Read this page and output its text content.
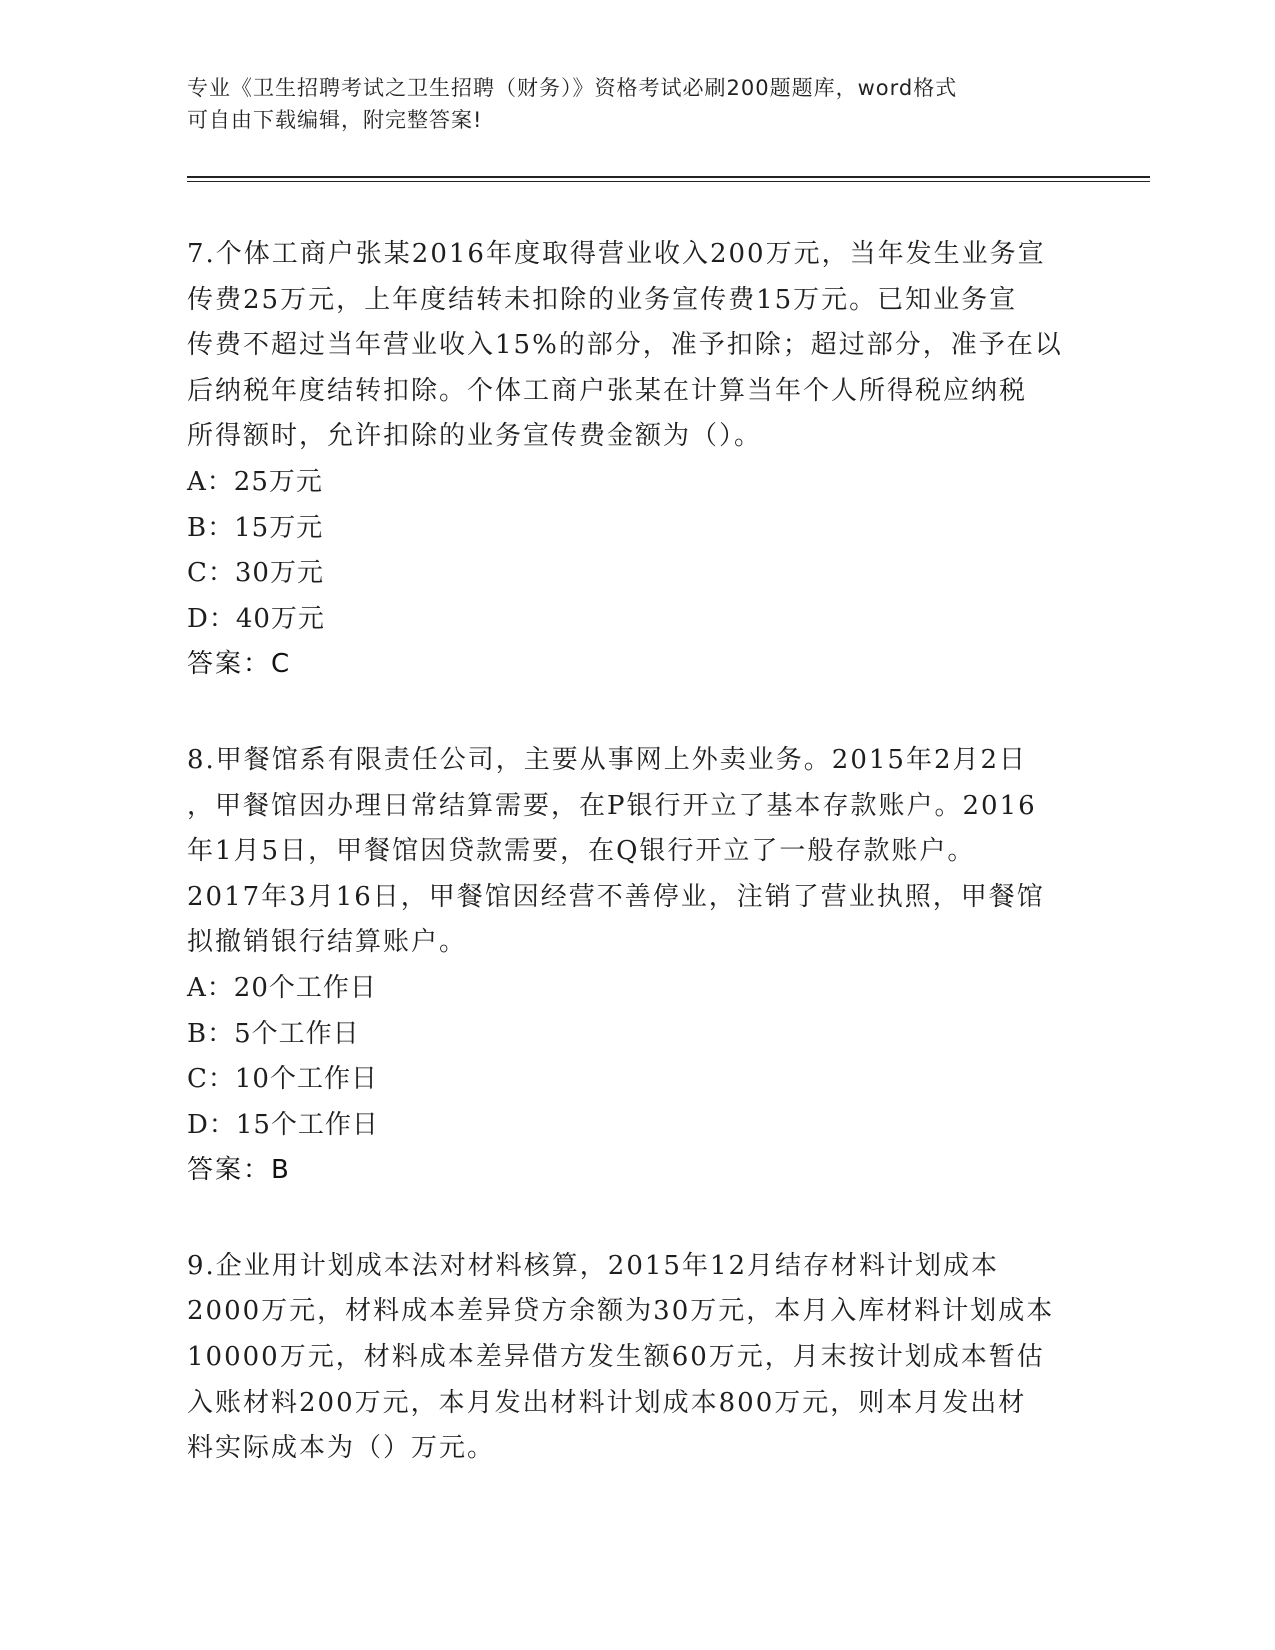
专业《卫生招聘考试之卫生招聘（财务）》资格考试必刷200题题库，word格式
可自由下载编辑，附完整答案!
7.个体工商户张某2016年度取得营业收入200万元，当年发生业务宣
传费25万元，上年度结转未扣除的业务宣传费15万元。已知业务宣
传费不超过当年营业收入15%的部分，准予扣除；超过部分，准予在以
后纳税年度结转扣除。个体工商户张某在计算当年个人所得税应纳税
所得额时，允许扣除的业务宣传费金额为（）。
A：25万元
B：15万元
C：30万元
D：40万元
答案：C
8.甲餐馆系有限责任公司，主要从事网上外卖业务。2015年2月2日
，甲餐馆因办理日常结算需要，在P银行开立了基本存款账户。2016
年1月5日，甲餐馆因贷款需要，在Q银行开立了一般存款账户。
2017年3月16日，甲餐馆因经营不善停业，注销了营业执照，甲餐馆
拟撤销银行结算账户。
A：20个工作日
B：5个工作日
C：10个工作日
D：15个工作日
答案：B
9.企业用计划成本法对材料核算，2015年12月结存材料计划成本
2000万元，材料成本差异贷方余额为30万元，本月入库材料计划成本
10000万元，材料成本差异借方发生额60万元，月末按计划成本暂估
入账材料200万元，本月发出材料计划成本800万元，则本月发出材
料实际成本为（）万元。
